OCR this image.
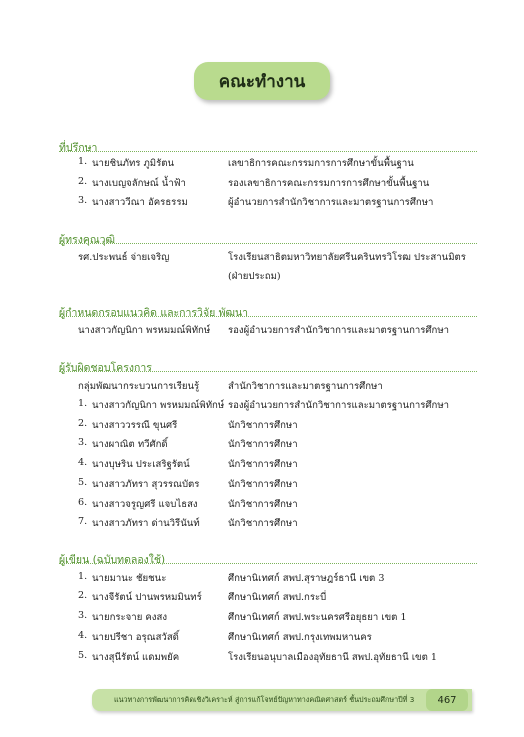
คณะทำงาน
ที่ปรึกษา
1. นายชินภัทร ภูมิรัตน	เลขาธิการคณะกรรมการการศึกษาขั้นพื้นฐาน
2. นางเบญจลักษณ์ น้ำฟ้า	รองเลขาธิการคณะกรรมการการศึกษาขั้นพื้นฐาน
3. นางสาววีณา อัครธรรม	ผู้อำนวยการสำนักวิชาการและมาตรฐานการศึกษา
ผู้ทรงคุณวุฒิ
รศ.ประพนธ์ จ่ายเจริญ	โรงเรียนสาธิตมหาวิทยาลัยศรีนครินทรวิโรฒ ประสานมิตร
(ฝ่ายประถม)
ผู้กำหนดกรอบแนวคิด และการวิจัย พัฒนา
นางสาวกัญนิกา พรหมมณ์พิทักษ์ รองผู้อำนวยการสำนักวิชาการและมาตรฐานการศึกษา
ผู้รับผิดชอบโครงการ
กลุ่มพัฒนากระบวนการเรียนรู้	สำนักวิชาการและมาตรฐานการศึกษา
1. นางสาวกัญนิกา พรหมมณ์พิทักษ์ รองผู้อำนวยการสำนักวิชาการและมาตรฐานการศึกษา
2. นางสาววรรณี ขุนศรี	นักวิชาการศึกษา
3. นางผาณิต ทวีศักดิ์	นักวิชาการศึกษา
4. นางบุษริน ประเสริฐรัตน์	นักวิชาการศึกษา
5. นางสาวภัทรา สุวรรณบัตร	นักวิชาการศึกษา
6. นางสาวจรูญศรี แจบไธสง	นักวิชาการศึกษา
7. นางสาวภัทรา ด่านวิรีนันท์	นักวิชาการศึกษา
ผู้เขียน (ฉบับทดลองใช้)
1. นายมานะ ชัยชนะ	ศึกษานิเทศก์ สพป.สุราษฎร์ธานี เขต 3
2. นางจีรัตน์ ปานพรหมมินทร์	ศึกษานิเทศก์ สพป.กระบี่
3. นายกระจาย คงสง	ศึกษานิเทศก์ สพป.พระนครศรีอยุธยา เขต 1
4. นายปรีชา อรุณสวัสดิ์	ศึกษานิเทศก์ สพป.กรุงเทพมหานคร
5. นางสุนีรัตน์ แดมพยัค	โรงเรียนอนุบาลเมืองอุทัยธานี สพป.อุทัยธานี เขต 1
แนวทางการพัฒนาการคิดเชิงวิเคราะห์ สู่การแก้โจทย์ปัญหาทางคณิตศาสตร์ ชั้นประถมศึกษาปีที่ 3 467
